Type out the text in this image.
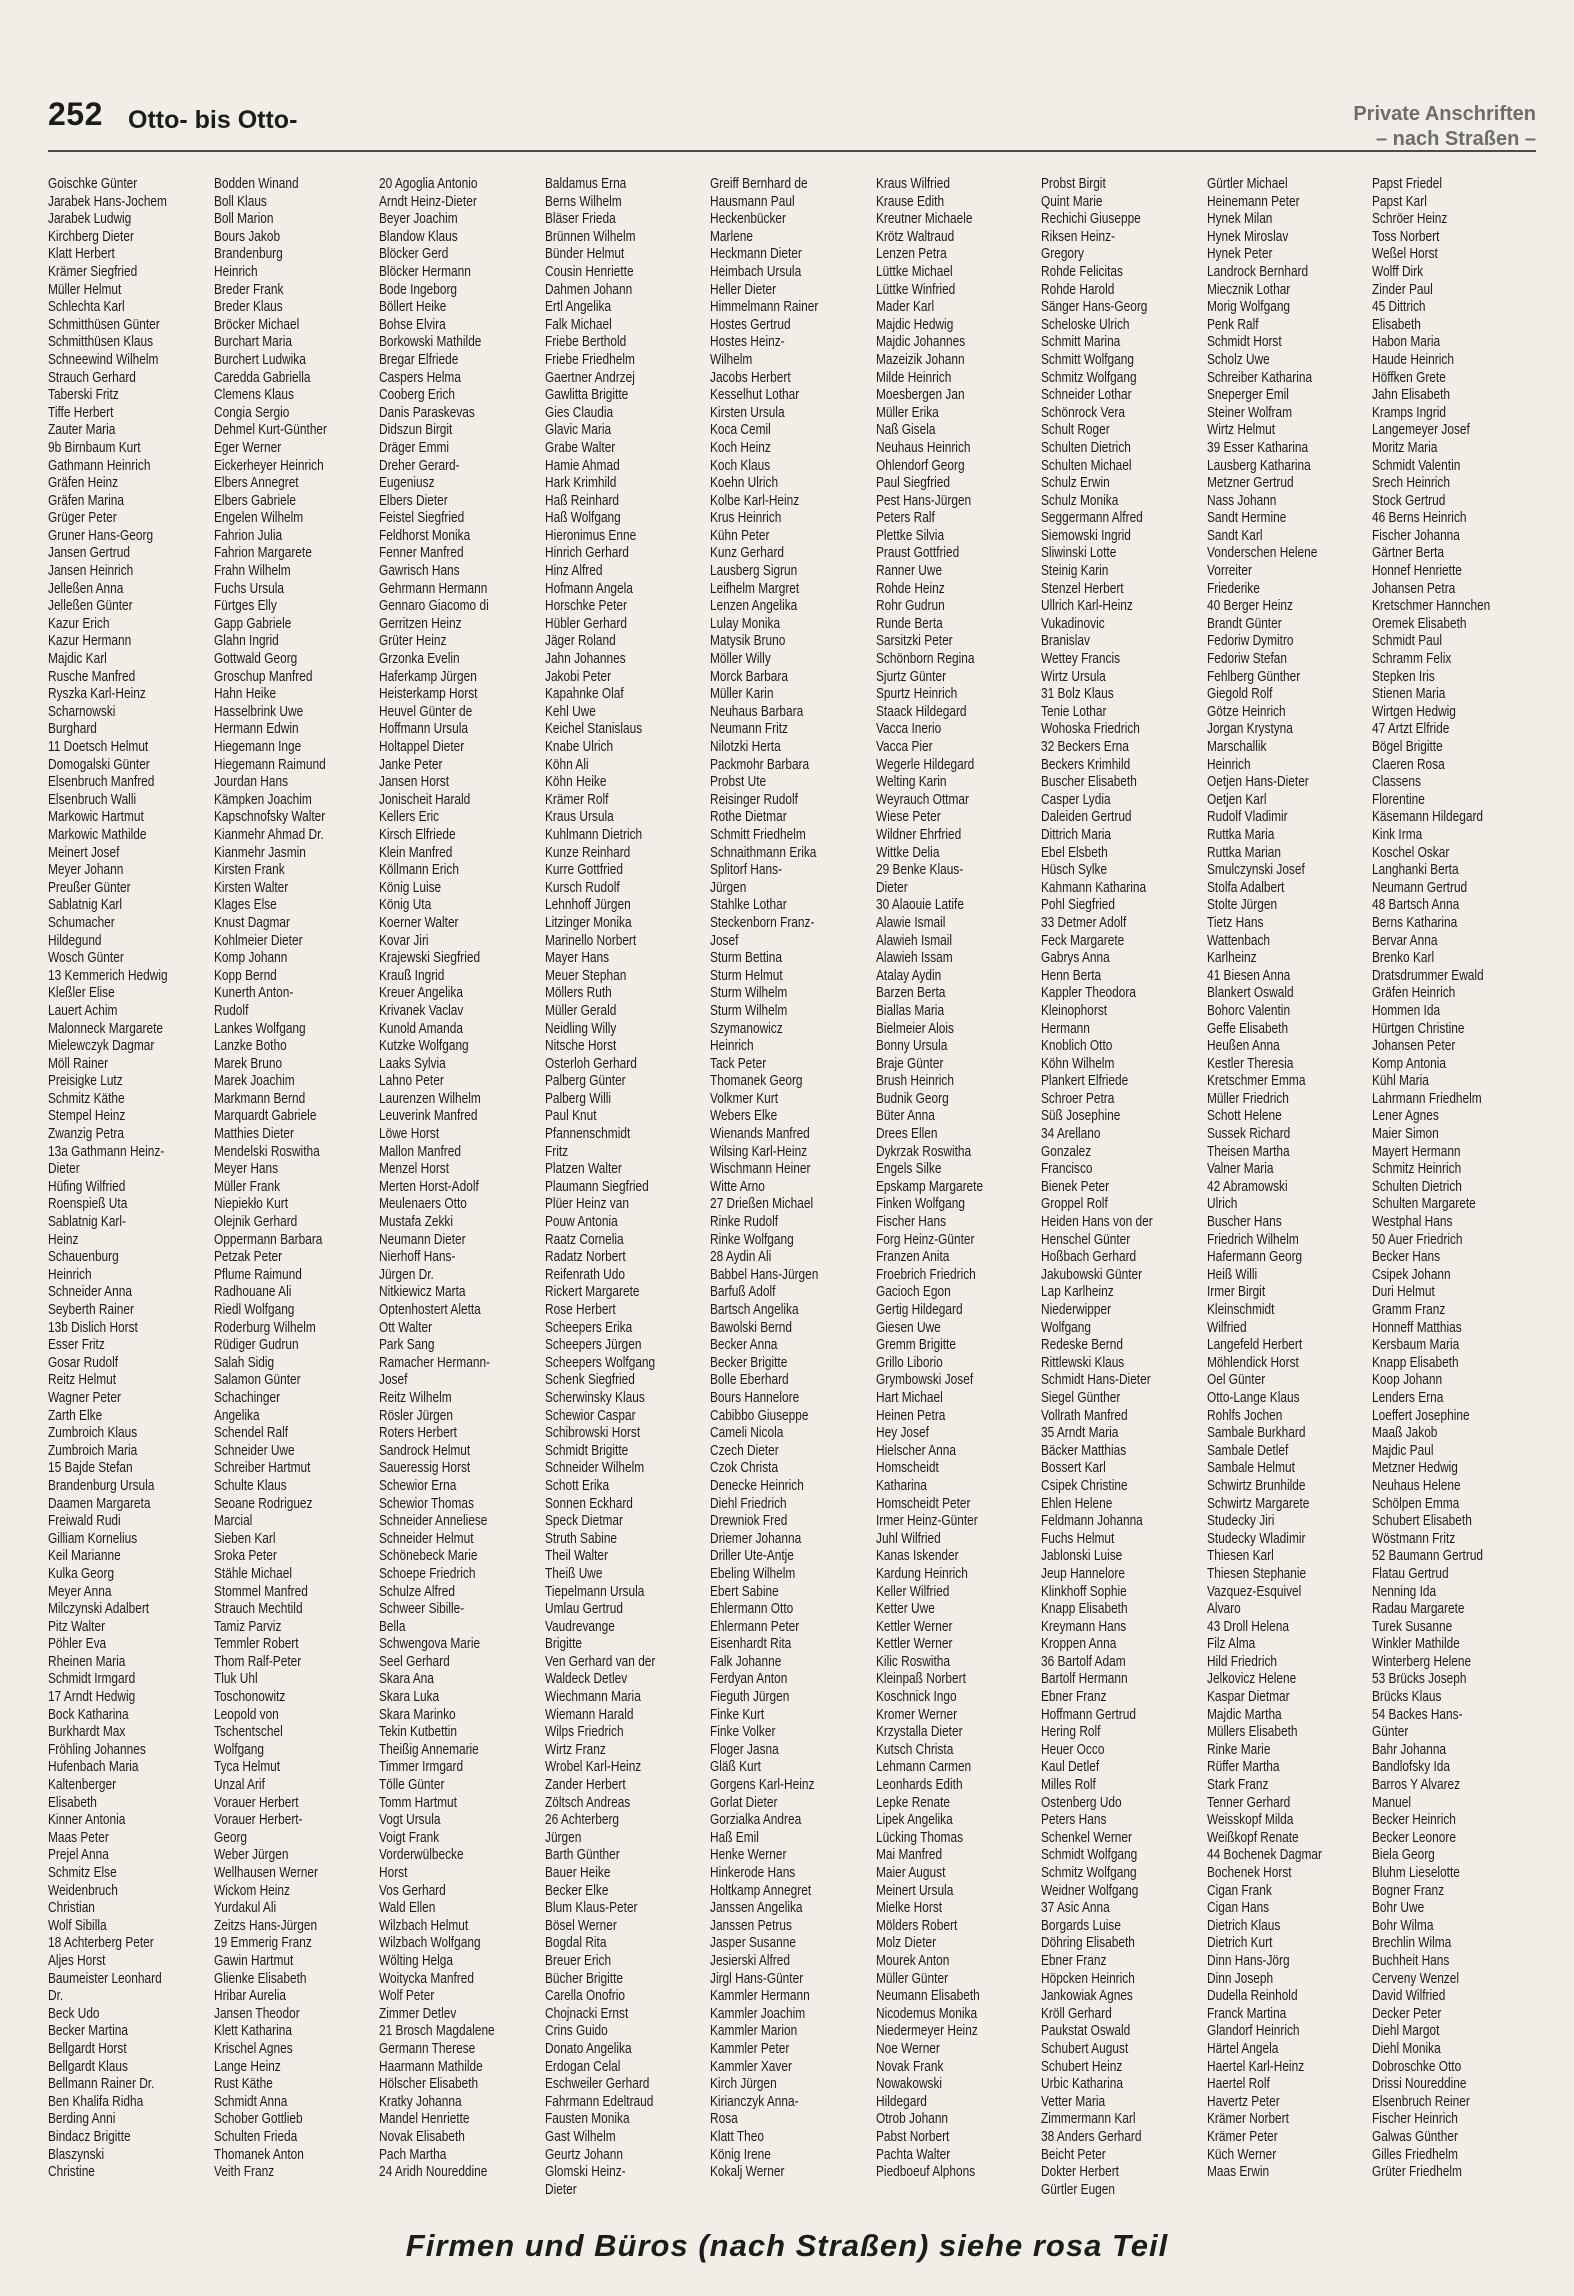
252 Otto- bis Otto-	Private Anschriften
– nach Straßen –
Goischke Günter
Jarabek Hans-Jochem
Jarabek Ludwig
Kirchberg Dieter
Klatt Herbert
Krämer Siegfried
Müller Helmut
Schlechta Karl
Schmitthüsen Günter
Schmitthüsen Klaus
Schneewind Wilhelm
Strauch Gerhard
Taberski Fritz
Tiffe Herbert
Zauter Maria
9b Birnbaum Kurt
Gathmann Heinrich
Gräfen Heinz
Gräfen Marina
Grüger Peter
Gruner Hans-Georg
Jansen Gertrud
Jansen Heinrich
Jelleßen Anna
Jelleßen Günter
Kazur Erich
Kazur Hermann
Majdic Karl
Rusche Manfred
Ryszka Karl-Heinz
Scharnowski
Burghard
11 Doetsch Helmut
Domogalski Günter
Elsenbruch Manfred
Elsenbruch Walli
Markowic Hartmut
Markowic Mathilde
Meinert Josef
Meyer Johann
Preußer Günter
Sablatnig Karl
Schumacher
Hildegund
Wosch Günter
13 Kemmerich Hedwig
Kleßler Elise
Lauert Achim
Malonneck Margarete
Mielewczyk Dagmar
Möll Rainer
Preisigke Lutz
Schmitz Käthe
Stempel Heinz
Zwanzig Petra
13a Gathmann Heinz-
Dieter
Hüfing Wilfried
Roenspieß Uta
Sablatnig Karl-
Heinz
Schauenburg
Heinrich
Schneider Anna
Seyberth Rainer
13b Dislich Horst
Esser Fritz
Gosar Rudolf
Reitz Helmut
Wagner Peter
Zarth Elke
Zumbroich Klaus
Zumbroich Maria
15 Bajde Stefan
Brandenburg Ursula
Daamen Margareta
Freiwald Rudi
Gilliam Kornelius
Keil Marianne
Kulka Georg
Meyer Anna
Milczynski Adalbert
Pitz Walter
Pöhler Eva
Rheinen Maria
Schmidt Irmgard
17 Arndt Hedwig
Bock Katharina
Burkhardt Max
Fröhling Johannes
Hufenbach Maria
Kaltenberger
Elisabeth
Kinner Antonia
Maas Peter
Prejel Anna
Schmitz Else
Weidenbruch
Christian
Wolf Sibilla
18 Achterberg Peter
Aljes Horst
Baumeister Leonhard
Dr.
Beck Udo
Becker Martina
Bellgardt Horst
Bellgardt Klaus
Bellmann Rainer Dr.
Ben Khalifa Ridha
Berding Anni
Bindacz Brigitte
Blaszynski
Christine
Bodden Winand
Boll Klaus
Boll Marion
Bours Jakob
Brandenburg
Heinrich
Breder Frank
Breder Klaus
Bröcker Michael
Burchart Maria
Burchert Ludwika
Caredda Gabriella
Clemens Klaus
Congia Sergio
Dehmel Kurt-Günther
Eger Werner
Eickerheyer Heinrich
Elbers Annegret
Elbers Gabriele
Engelen Wilhelm
Fahrion Julia
Fahrion Margarete
Frahn Wilhelm
Fuchs Ursula
Fürtges Elly
Gapp Gabriele
Glahn Ingrid
Gottwald Georg
Groschup Manfred
Hahn Heike
Hasselbrink Uwe
Hermann Edwin
Hiegemann Inge
Hiegemann Raimund
Jourdan Hans
Kämpken Joachim
Kapschnofsky Walter
Kianmehr Ahmad Dr.
Kianmehr Jasmin
Kirsten Frank
Kirsten Walter
Klages Else
Knust Dagmar
Kohlmeier Dieter
Komp Johann
Kopp Bernd
Kunerth Anton-
Rudolf
Lankes Wolfgang
Lanzke Botho
Marek Bruno
Marek Joachim
Markmann Bernd
Marquardt Gabriele
Matthies Dieter
Mendelski Roswitha
Meyer Hans
Müller Frank
Niepiekło Kurt
Olejnik Gerhard
Oppermann Barbara
Petzak Peter
Pflume Raimund
Radhouane Ali
Riedl Wolfgang
Roderburg Wilhelm
Rüdiger Gudrun
Salah Sidig
Salamon Günter
Schachinger
Angelika
Schendel Ralf
Schneider Uwe
Schreiber Hartmut
Schulte Klaus
Seoane Rodriguez
Marcial
Sieben Karl
Sroka Peter
Stähle Michael
Stommel Manfred
Strauch Mechtild
Tamiz Parviz
Temmler Robert
Thom Ralf-Peter
Tluk Uhl
Toschonowitz
Leopold von
Tschentschel
Wolfgang
Tyca Helmut
Unzal Arif
Vorauer Herbert
Vorauer Herbert-
Georg
Weber Jürgen
Wellhausen Werner
Wickom Heinz
Yurdakul Ali
Zeitzs Hans-Jürgen
19 Emmerig Franz
Gawin Hartmut
Glienke Elisabeth
Hribar Aurelia
Jansen Theodor
Klett Katharina
Krischel Agnes
Lange Heinz
Rust Käthe
Schmidt Anna
Schober Gottlieb
Schulten Frieda
Thomanek Anton
Veith Franz
20 Agoglia Antonio
Arndt Heinz-Dieter
Beyer Joachim
Blandow Klaus
Blöcker Gerd
Blöcker Hermann
Bode Ingeborg
Böllert Heike
Bohse Elvira
Borkowski Mathilde
Bregar Elfriede
Caspers Helma
Cooberg Erich
Danis Paraskevas
Didszun Birgit
Dräger Emmi
Dreher Gerard-
Eugeniusz
Elbers Dieter
Feistel Siegfried
Feldhorst Monika
Fenner Manfred
Gawrisch Hans
Gehrmann Hermann
Gennaro Giacomo di
Gerritzen Heinz
Grüter Heinz
Grzonka Evelin
Haferkamp Jürgen
Heisterkamp Horst
Heuvel Günter de
Hoffmann Ursula
Holtappel Dieter
Janke Peter
Jansen Horst
Jonischeit Harald
Kellers Eric
Kirsch Elfriede
Klein Manfred
Köllmann Erich
König Luise
König Uta
Koerner Walter
Kovar Jiri
Krajewski Siegfried
Krauß Ingrid
Kreuer Angelika
Krivanek Vaclav
Kunold Amanda
Kutzke Wolfgang
Laaks Sylvia
Lahno Peter
Laurenzen Wilhelm
Leuverink Manfred
Löwe Horst
Mallon Manfred
Menzel Horst
Merten Horst-Adolf
Meulenaers Otto
Mustafa Zekki
Neumann Dieter
Nierhoff Hans-
Jürgen Dr.
Nitkiewicz Marta
Optenhostert Aletta
Ott Walter
Park Sang
Ramacher Hermann-
Josef
Reitz Wilhelm
Rösler Jürgen
Roters Herbert
Sandrock Helmut
Saueressig Horst
Schewior Erna
Schewior Thomas
Schneider Anneliese
Schneider Helmut
Schönebeck Marie
Schoepe Friedrich
Schulze Alfred
Schweer Sibille-
Bella
Schwengova Marie
Seel Gerhard
Skara Ana
Skara Luka
Skara Marinko
Tekin Kutbettin
Theißig Annemarie
Timmer Irmgard
Tölle Günter
Tomm Hartmut
Vogt Ursula
Voigt Frank
Vorderwülbecke
Horst
Vos Gerhard
Wald Ellen
Wilzbach Helmut
Wilzbach Wolfgang
Wölting Helga
Woitycka Manfred
Wolf Peter
Zimmer Detlev
21 Brosch Magdalene
Germann Therese
Haarmann Mathilde
Hölscher Elisabeth
Kratky Johanna
Mandel Henriette
Novak Elisabeth
Pach Martha
24 Aridh Noureddine
Baldamus Erna
Berns Wilhelm
Bläser Frieda
Brünnen Wilhelm
Bünder Helmut
Cousin Henriette
Dahmen Johann
Ertl Angelika
Falk Michael
Friebe Berthold
Friebe Friedhelm
Gaertner Andrzej
Gawlitta Brigitte
Gies Claudia
Glavic Maria
Grabe Walter
Hamie Ahmad
Hark Krimhild
Haß Reinhard
Haß Wolfgang
Hieronimus Enne
Hinrich Gerhard
Hinz Alfred
Hofmann Angela
Horschke Peter
Hübler Gerhard
Jäger Roland
Jahn Johannes
Jakobi Peter
Kapahnke Olaf
Kehl Uwe
Keichel Stanislaus
Knabe Ulrich
Köhn Ali
Köhn Heike
Krämer Rolf
Kraus Ursula
Kuhlmann Dietrich
Kunze Reinhard
Kurre Gottfried
Kursch Rudolf
Lehnhoff Jürgen
Litzinger Monika
Marinello Norbert
Mayer Hans
Meuer Stephan
Möllers Ruth
Müller Gerald
Neidling Willy
Nitsche Horst
Osterloh Gerhard
Palberg Günter
Palberg Willi
Paul Knut
Pfannenschmidt
Fritz
Platzen Walter
Plaumann Siegfried
Plüer Heinz van
Pouw Antonia
Raatz Cornelia
Radatz Norbert
Reifenrath Udo
Rickert Margarete
Rose Herbert
Scheepers Erika
Scheepers Jürgen
Scheepers Wolfgang
Schenk Siegfried
Scherwinsky Klaus
Schewior Caspar
Schibrowski Horst
Schmidt Brigitte
Schneider Wilhelm
Schott Erika
Sonnen Eckhard
Speck Dietmar
Struth Sabine
Theil Walter
Theiß Uwe
Tiepelmann Ursula
Umlau Gertrud
Vaudrevange
Brigitte
Ven Gerhard van der
Waldeck Detlev
Wiechmann Maria
Wiemann Harald
Wilps Friedrich
Wirtz Franz
Wrobel Karl-Heinz
Zander Herbert
Zöltsch Andreas
26 Achterberg
Jürgen
Barth Günther
Bauer Heike
Becker Elke
Blum Klaus-Peter
Bösel Werner
Bogdal Rita
Breuer Erich
Bücher Brigitte
Carella Onofrio
Chojnacki Ernst
Crins Guido
Donato Angelika
Erdogan Celal
Eschweiler Gerhard
Fahrmann Edeltraud
Fausten Monika
Gast Wilhelm
Geurtz Johann
Glomski Heinz-
Dieter
Greiff Bernhard de
Hausmann Paul
Heckenbücker
Marlene
Heckmann Dieter
Heimbach Ursula
Heller Dieter
Himmelmann Rainer
Hostes Gertrud
Hostes Heinz-
Wilhelm
Jacobs Herbert
Kesselhut Lothar
Kirsten Ursula
Koca Cemil
Koch Heinz
Koch Klaus
Koehn Ulrich
Kolbe Karl-Heinz
Krus Heinrich
Kühn Peter
Kunz Gerhard
Lausberg Sigrun
Leifhelm Margret
Lenzen Angelika
Lulay Monika
Matysik Bruno
Möller Willy
Morck Barbara
Müller Karin
Neuhaus Barbara
Neumann Fritz
Nilotzki Herta
Packmohr Barbara
Probst Ute
Reisinger Rudolf
Rothe Dietmar
Schmitt Friedhelm
Schnaithmann Erika
Splitorf Hans-
Jürgen
Stahlke Lothar
Steckenborn Franz-
Josef
Sturm Bettina
Sturm Helmut
Sturm Wilhelm
Sturm Wilhelm
Szymanowicz
Heinrich
Tack Peter
Thomanek Georg
Volkmer Kurt
Webers Elke
Wienands Manfred
Wilsing Karl-Heinz
Wischmann Heiner
Witte Arno
27 Drießen Michael
Rinke Rudolf
Rinke Wolfgang
28 Aydin Ali
Babbel Hans-Jürgen
Barfuß Adolf
Bartsch Angelika
Bawolski Bernd
Becker Anna
Becker Brigitte
Bolle Eberhard
Bours Hannelore
Cabibbo Giuseppe
Cameli Nicola
Czech Dieter
Czok Christa
Denecke Heinrich
Diehl Friedrich
Drewniok Fred
Driemer Johanna
Driller Ute-Antje
Ebeling Wilhelm
Ebert Sabine
Ehlermann Otto
Ehlermann Peter
Eisenhardt Rita
Falk Johanne
Ferdyan Anton
Fieguth Jürgen
Finke Kurt
Finke Volker
Floger Jasna
Gläß Kurt
Gorgens Karl-Heinz
Gorlat Dieter
Gorzialka Andrea
Haß Emil
Henke Werner
Hinkerode Hans
Holtkamp Annegret
Janssen Angelika
Janssen Petrus
Jasper Susanne
Jesierski Alfred
Jirgl Hans-Günter
Kammler Hermann
Kammler Joachim
Kammler Marion
Kammler Peter
Kammler Xaver
Kirch Jürgen
Kirianczyk Anna-
Rosa
Klatt Theo
König Irene
Kokalj Werner
Kraus Wilfried
Krause Edith
Kreutner Michaele
Krötz Waltraud
Lenzen Petra
Lüttke Michael
Lüttke Winfried
Mader Karl
Majdic Hedwig
Majdic Johannes
Mazeizik Johann
Milde Heinrich
Moesbergen Jan
Müller Erika
Naß Gisela
Neuhaus Heinrich
Ohlendorf Georg
Paul Siegfried
Pest Hans-Jürgen
Peters Ralf
Plettke Silvia
Praust Gottfried
Ranner Uwe
Rohde Heinz
Rohr Gudrun
Runde Berta
Sarsitzki Peter
Schönborn Regina
Sjurtz Günter
Spurtz Heinrich
Staack Hildegard
Vacca Inerio
Vacca Pier
Wegerle Hildegard
Welting Karin
Weyrauch Ottmar
Wiese Peter
Wildner Ehrfried
Wittke Delia
29 Benke Klaus-
Dieter
30 Alaouie Latife
Alawie Ismail
Alawieh Ismail
Alawieh Issam
Atalay Aydin
Barzen Berta
Biallas Maria
Bielmeier Alois
Bonny Ursula
Braje Günter
Brush Heinrich
Budnik Georg
Büter Anna
Drees Ellen
Dykrzak Roswitha
Engels Silke
Epskamp Margarete
Finken Wolfgang
Fischer Hans
Forg Heinz-Günter
Franzen Anita
Froebrich Friedrich
Gacioch Egon
Gertig Hildegard
Giesen Uwe
Gremm Brigitte
Grillo Liborio
Grymbowski Josef
Hart Michael
Heinen Petra
Hey Josef
Hielscher Anna
Homscheidt
Katharina
Homscheidt Peter
Irmer Heinz-Günter
Juhl Wilfried
Kanas Iskender
Kardung Heinrich
Keller Wilfried
Ketter Uwe
Kettler Werner
Kettler Werner
Kilic Roswitha
Kleinpaß Norbert
Koschnick Ingo
Kromer Werner
Krzystalla Dieter
Kutsch Christa
Lehmann Carmen
Leonhards Edith
Lepke Renate
Lipek Angelika
Lücking Thomas
Mai Manfred
Maier August
Meinert Ursula
Mielke Horst
Mölders Robert
Molz Dieter
Mourek Anton
Müller Günter
Neumann Elisabeth
Nicodemus Monika
Niedermeyer Heinz
Noe Werner
Novak Frank
Nowakowski
Hildegard
Otrob Johann
Pabst Norbert
Pachta Walter
Piedboeuf Alphons
Probst Birgit
Quint Marie
Rechichi Giuseppe
Riksen Heinz-
Gregory
Rohde Felicitas
Rohde Harold
Sänger Hans-Georg
Scheloske Ulrich
Schmitt Marina
Schmitt Wolfgang
Schmitz Wolfgang
Schneider Lothar
Schönrock Vera
Schult Roger
Schulten Dietrich
Schulten Michael
Schulz Erwin
Schulz Monika
Seggermann Alfred
Siemowski Ingrid
Sliwinski Lotte
Steinig Karin
Stenzel Herbert
Ullrich Karl-Heinz
Vukadinovic
Branislav
Wettey Francis
Wirtz Ursula
31 Bolz Klaus
Tenie Lothar
Wohoska Friedrich
32 Beckers Erna
Beckers Krimhild
Buscher Elisabeth
Casper Lydia
Daleiden Gertrud
Dittrich Maria
Ebel Elsbeth
Hüsch Sylke
Kahmann Katharina
Pohl Siegfried
33 Detmer Adolf
Feck Margarete
Gabrys Anna
Henn Berta
Kappler Theodora
Kleinophorst
Hermann
Knoblich Otto
Köhn Wilhelm
Plankert Elfriede
Schroer Petra
Süß Josephine
34 Arellano
Gonzalez
Francisco
Bienek Peter
Groppel Rolf
Heiden Hans von der
Henschel Günter
Hoßbach Gerhard
Jakubowski Günter
Lap Karlheinz
Niederwipper
Wolfgang
Redeske Bernd
Rittlewski Klaus
Schmidt Hans-Dieter
Siegel Günther
Vollrath Manfred
35 Arndt Maria
Bäcker Matthias
Bossert Karl
Csipek Christine
Ehlen Helene
Feldmann Johanna
Fuchs Helmut
Jablonski Luise
Jeup Hannelore
Klinkhoff Sophie
Knapp Elisabeth
Kreymann Hans
Kroppen Anna
36 Bartolf Adam
Bartolf Hermann
Ebner Franz
Hoffmann Gertrud
Hering Rolf
Heuer Occo
Kaul Detlef
Milles Rolf
Ostenberg Udo
Peters Hans
Schenkel Werner
Schmidt Wolfgang
Schmitz Wolfgang
Weidner Wolfgang
37 Asic Anna
Borgards Luise
Döhring Elisabeth
Ebner Franz
Höpcken Heinrich
Jankowiak Agnes
Kröll Gerhard
Paukstat Oswald
Schubert August
Schubert Heinz
Urbic Katharina
Vetter Maria
Zimmermann Karl
38 Anders Gerhard
Beicht Peter
Dokter Herbert
Gürtler Eugen
Gürtler Michael
Heinemann Peter
Hynek Milan
Hynek Miroslav
Hynek Peter
Landrock Bernhard
Miecznik Lothar
Morig Wolfgang
Penk Ralf
Schmidt Horst
Scholz Uwe
Schreiber Katharina
Sneperger Emil
Steiner Wolfram
Wirtz Helmut
39 Esser Katharina
Lausberg Katharina
Metzner Gertrud
Nass Johann
Sandt Hermine
Sandt Karl
Vonderschen Helene
Vorreiter
Friederike
40 Berger Heinz
Brandt Günter
Fedoriw Dymitro
Fedoriw Stefan
Fehlberg Günther
Giegold Rolf
Götze Heinrich
Jorgan Krystyna
Marschallik
Heinrich
Oetjen Hans-Dieter
Oetjen Karl
Rudolf Vladimir
Ruttka Maria
Ruttka Marian
Smulczynski Josef
Stolfa Adalbert
Stolte Jürgen
Tietz Hans
Wattenbach
Karlheinz
41 Biesen Anna
Blankert Oswald
Bohorc Valentin
Geffe Elisabeth
Heußen Anna
Kestler Theresia
Kretschmer Emma
Müller Friedrich
Schott Helene
Sussek Richard
Theisen Martha
Valner Maria
42 Abramowski
Ulrich
Buscher Hans
Friedrich Wilhelm
Hafermann Georg
Heiß Willi
Irmer Birgit
Kleinschmidt
Wilfried
Langefeld Herbert
Möhlendick Horst
Oel Günter
Otto-Lange Klaus
Rohlfs Jochen
Sambale Burkhard
Sambale Detlef
Sambale Helmut
Schwirtz Brunhilde
Schwirtz Margarete
Studecky Jiri
Studecky Wladimir
Thiesen Karl
Thiesen Stephanie
Vazquez-Esquivel
Alvaro
43 Droll Helena
Filz Alma
Hild Friedrich
Jelkovicz Helene
Kaspar Dietmar
Majdic Martha
Müllers Elisabeth
Rinke Marie
Rüffer Martha
Stark Franz
Tenner Gerhard
Weisskopf Milda
Weißkopf Renate
44 Bochenek Dagmar
Bochenek Horst
Cigan Frank
Cigan Hans
Dietrich Klaus
Dietrich Kurt
Dinn Hans-Jörg
Dinn Joseph
Dudella Reinhold
Franck Martina
Glandorf Heinrich
Härtel Angela
Haertel Karl-Heinz
Haertel Rolf
Havertz Peter
Krämer Norbert
Krämer Peter
Küch Werner
Maas Erwin
Papst Friedel
Papst Karl
Schröer Heinz
Toss Norbert
Weßel Horst
Wolff Dirk
Zinder Paul
45 Dittrich
Elisabeth
Habon Maria
Haude Heinrich
Höffken Grete
Jahn Elisabeth
Kramps Ingrid
Langemeyer Josef
Moritz Maria
Schmidt Valentin
Srech Heinrich
Stock Gertrud
46 Berns Heinrich
Fischer Johanna
Gärtner Berta
Honnef Henriette
Johansen Petra
Kretschmer Hannchen
Oremek Elisabeth
Schmidt Paul
Schramm Felix
Stepken Iris
Stienen Maria
Wirtgen Hedwig
47 Artzt Elfride
Bögel Brigitte
Claeren Rosa
Classens
Florentine
Käsemann Hildegard
Kink Irma
Koschel Oskar
Langhanki Berta
Neumann Gertrud
48 Bartsch Anna
Berns Katharina
Bervar Anna
Brenko Karl
Dratsdrummer Ewald
Gräfen Heinrich
Hommen Ida
Hürtgen Christine
Johansen Peter
Komp Antonia
Kühl Maria
Lahrmann Friedhelm
Lener Agnes
Maier Simon
Mayert Hermann
Schmitz Heinrich
Schulten Dietrich
Schulten Margarete
Westphal Hans
50 Auer Friedrich
Becker Hans
Csipek Johann
Duri Helmut
Gramm Franz
Honneff Matthias
Kersbaum Maria
Knapp Elisabeth
Koop Johann
Lenders Erna
Loeffert Josephine
Maaß Jakob
Majdic Paul
Metzner Hedwig
Neuhaus Helene
Schölpen Emma
Schubert Elisabeth
Wöstmann Fritz
52 Baumann Gertrud
Flatau Gertrud
Nenning Ida
Radau Margarete
Turek Susanne
Winkler Mathilde
Winterberg Helene
53 Brücks Joseph
Brücks Klaus
54 Backes Hans-
Günter
Bahr Johanna
Bandlofsky Ida
Barros Y Alvarez
Manuel
Becker Heinrich
Becker Leonore
Biela Georg
Bluhm Lieselotte
Bogner Franz
Bohr Uwe
Bohr Wilma
Brechlin Wilma
Buchheit Hans
Cerveny Wenzel
David Wilfried
Decker Peter
Diehl Margot
Diehl Monika
Dobroschke Otto
Drissi Noureddine
Elsenbruch Reiner
Fischer Heinrich
Galwas Günther
Gilles Friedhelm
Grüter Friedhelm
Firmen und Büros (nach Straßen) siehe rosa Teil
